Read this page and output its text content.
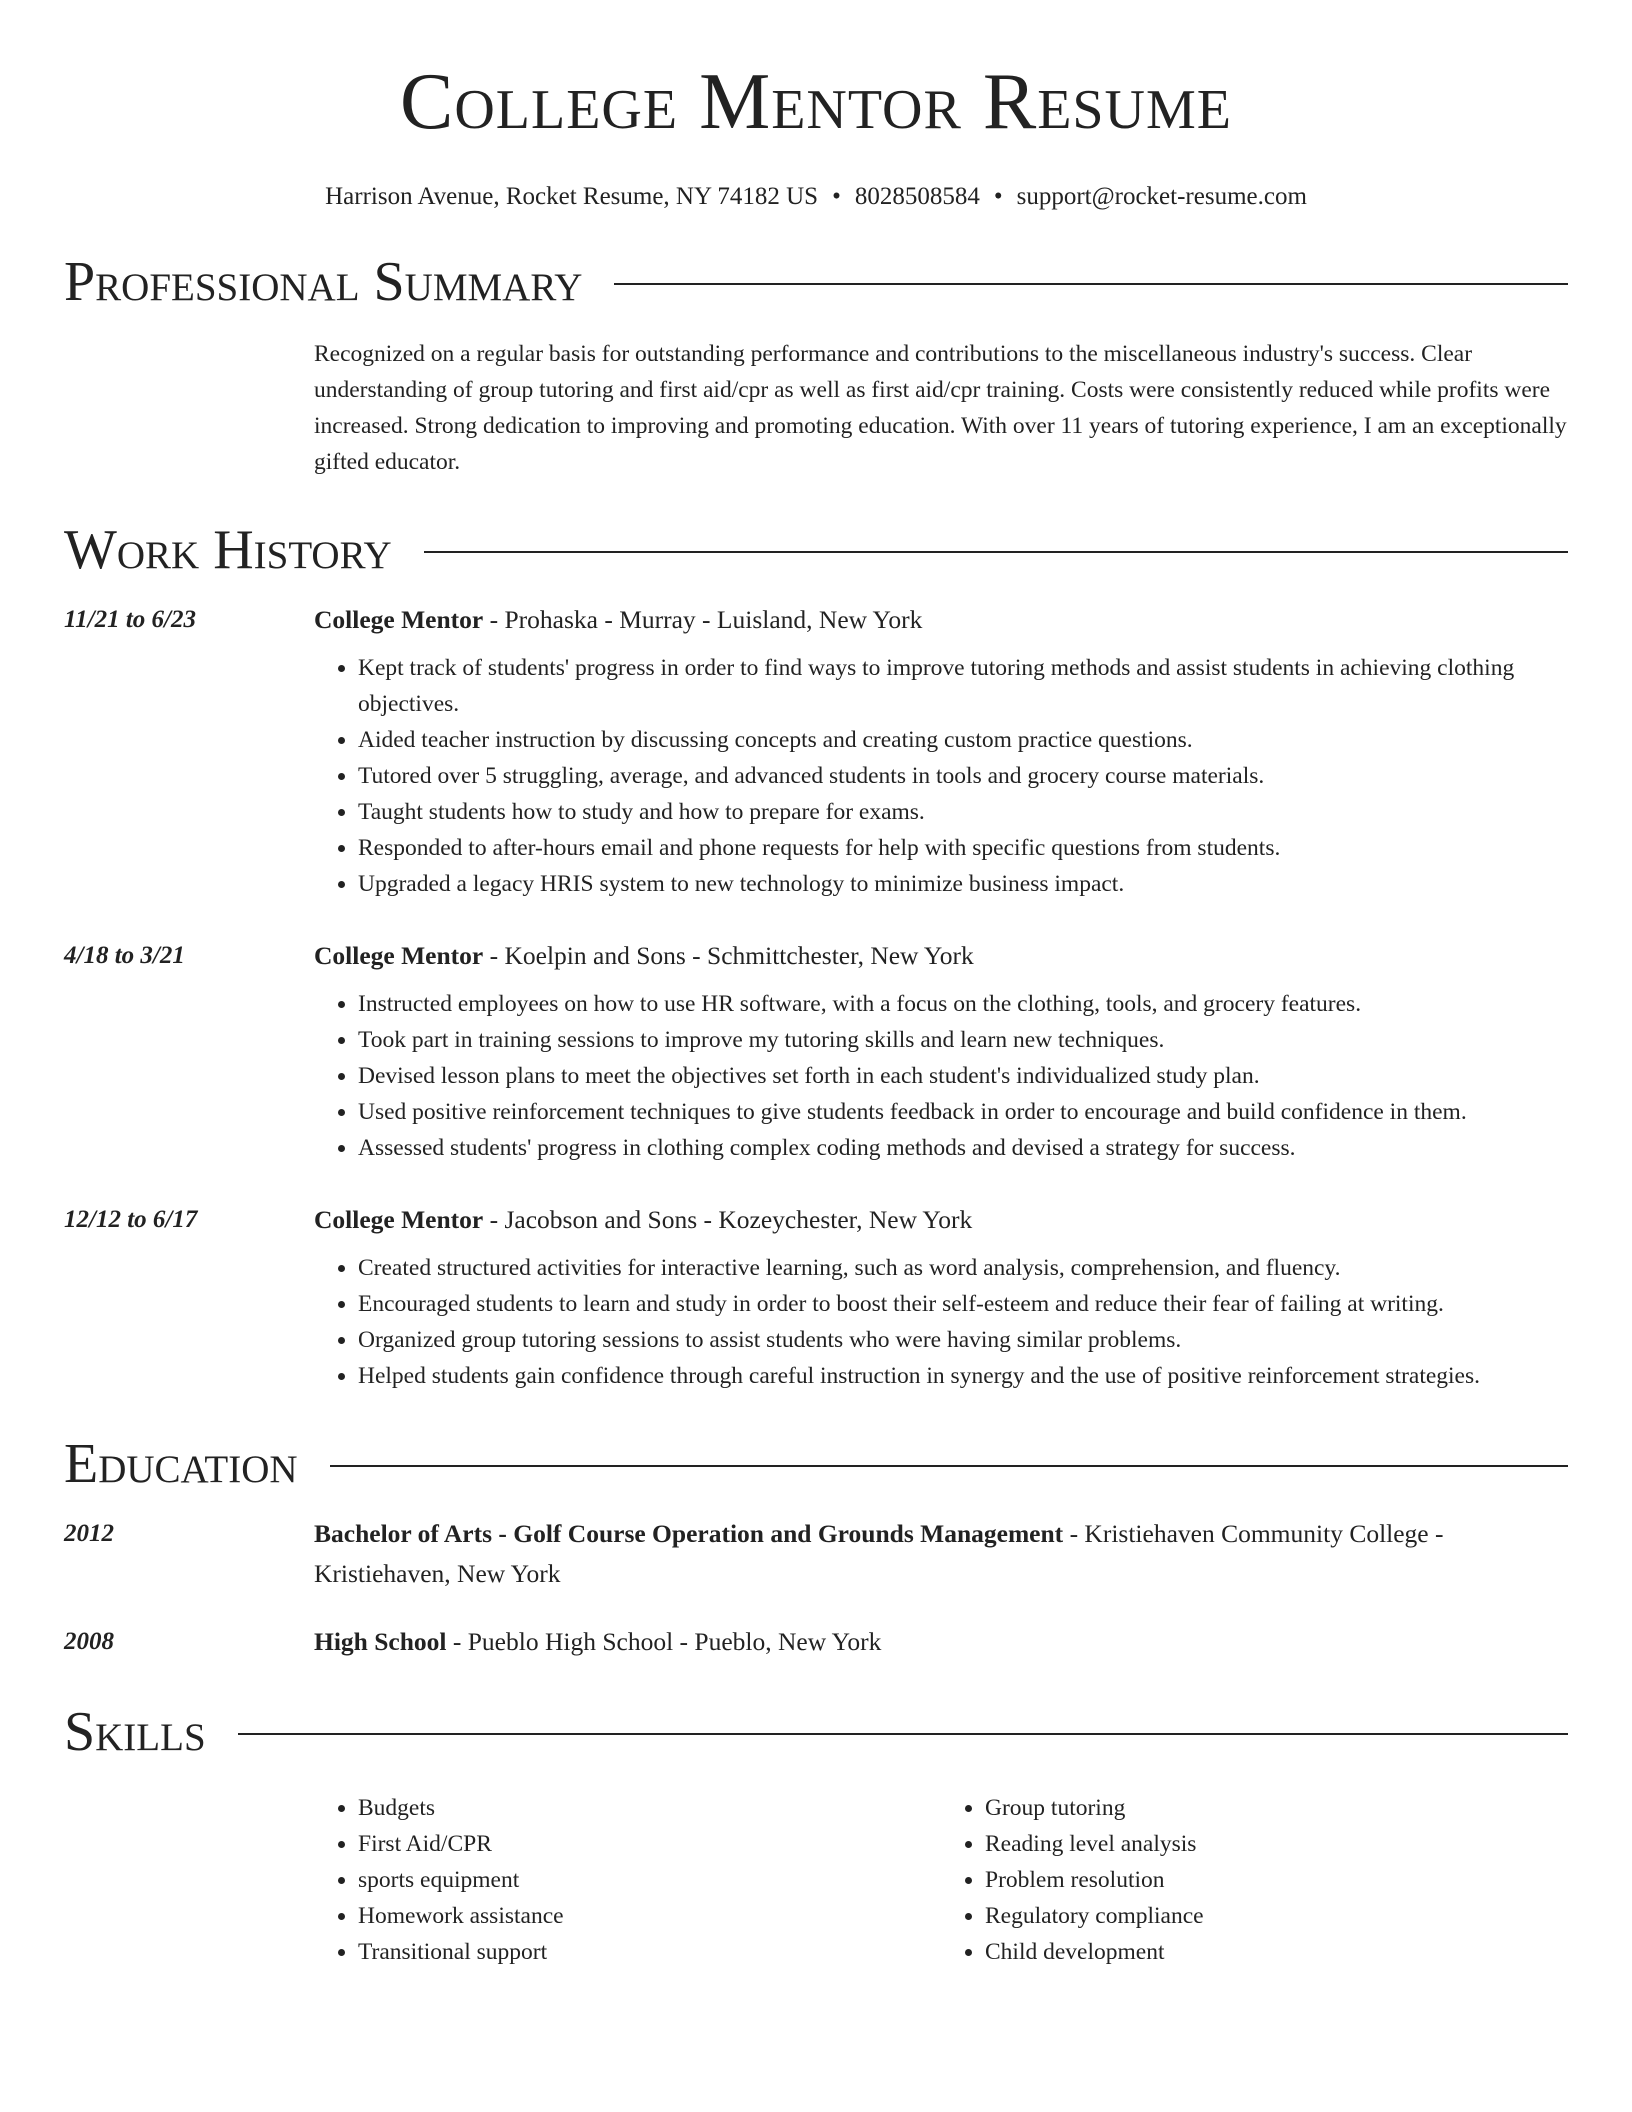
College Mentor Resume
Harrison Avenue, Rocket Resume, NY 74182 US • 8028508584 • support@rocket-resume.com
Professional Summary

Recognized on a regular basis for outstanding performance and contributions to the miscellaneous industry's success. Clear understanding of group tutoring and first aid/cpr as well as first aid/cpr training. Costs were consistently reduced while profits were increased. Strong dedication to improving and promoting education. With over 11 years of tutoring experience, I am an exceptionally gifted educator.

Work History
11/21 to 6/23	College Mentor - Prohaska - Murray - Luisland, New York
• Kept track of students' progress in order to find ways to improve tutoring methods and assist students in achieving clothing objectives.
• Aided teacher instruction by discussing concepts and creating custom practice questions.
• Tutored over 5 struggling, average, and advanced students in tools and grocery course materials.
• Taught students how to study and how to prepare for exams.
• Responded to after-hours email and phone requests for help with specific questions from students.
• Upgraded a legacy HRIS system to new technology to minimize business impact.
4/18 to 3/21	College Mentor - Koelpin and Sons - Schmittchester, New York
• Instructed employees on how to use HR software, with a focus on the clothing, tools, and grocery features.
• Took part in training sessions to improve my tutoring skills and learn new techniques.
• Devised lesson plans to meet the objectives set forth in each student's individualized study plan.
• Used positive reinforcement techniques to give students feedback in order to encourage and build confidence in them.
• Assessed students' progress in clothing complex coding methods and devised a strategy for success.
12/12 to 6/17	College Mentor - Jacobson and Sons - Kozeychester, New York
• Created structured activities for interactive learning, such as word analysis, comprehension, and fluency.
• Encouraged students to learn and study in order to boost their self-esteem and reduce their fear of failing at writing.
• Organized group tutoring sessions to assist students who were having similar problems.
• Helped students gain confidence through careful instruction in synergy and the use of positive reinforcement strategies.
Education
2012	Bachelor of Arts - Golf Course Operation and Grounds Management - Kristiehaven Community College - Kristiehaven, New York
2008	High School - Pueblo High School - Pueblo, New York
Skills
• Budgets
• First Aid/CPR
• sports equipment
• Homework assistance
• Transitional support
• Group tutoring
• Reading level analysis
• Problem resolution
• Regulatory compliance
• Child development
